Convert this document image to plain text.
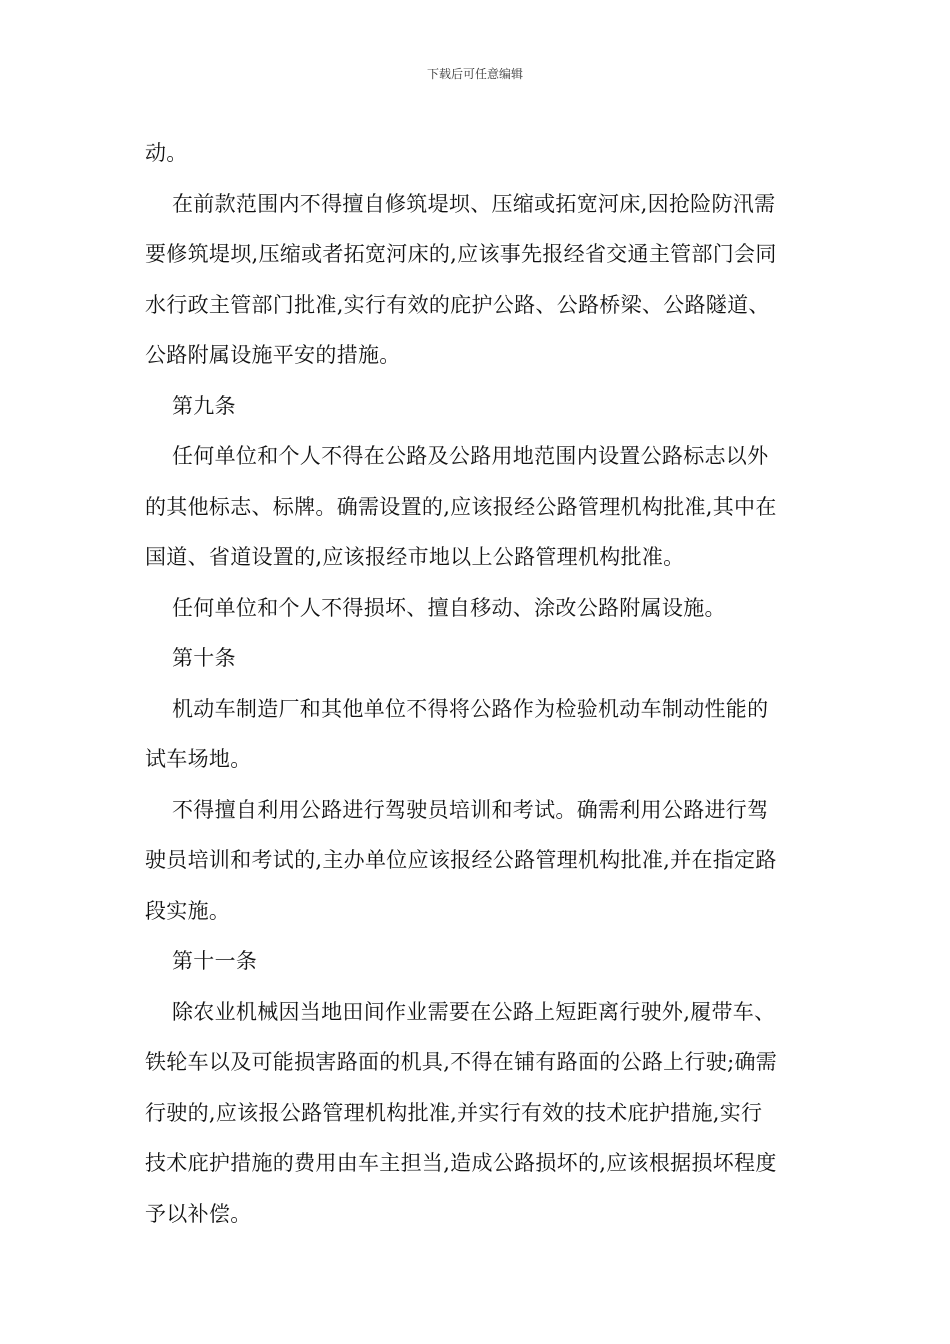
下载后可任意编辑
动。
在前款范围内不得擅自修筑堤坝、压缩或拓宽河床,因抢险防汛需
要修筑堤坝,压缩或者拓宽河床的,应该事先报经省交通主管部门会同
水行政主管部门批准,实行有效的庇护公路、公路桥梁、公路隧道、
公路附属设施平安的措施。
第九条
任何单位和个人不得在公路及公路用地范围内设置公路标志以外
的其他标志、标牌。确需设置的,应该报经公路管理机构批准,其中在
国道、省道设置的,应该报经市地以上公路管理机构批准。
任何单位和个人不得损坏、擅自移动、涂改公路附属设施。
第十条
机动车制造厂和其他单位不得将公路作为检验机动车制动性能的
试车场地。
不得擅自利用公路进行驾驶员培训和考试。确需利用公路进行驾
驶员培训和考试的,主办单位应该报经公路管理机构批准,并在指定路
段实施。
第十一条
除农业机械因当地田间作业需要在公路上短距离行驶外,履带车、
铁轮车以及可能损害路面的机具,不得在铺有路面的公路上行驶;确需
行驶的,应该报公路管理机构批准,并实行有效的技术庇护措施,实行
技术庇护措施的费用由车主担当,造成公路损坏的,应该根据损坏程度
予以补偿。
